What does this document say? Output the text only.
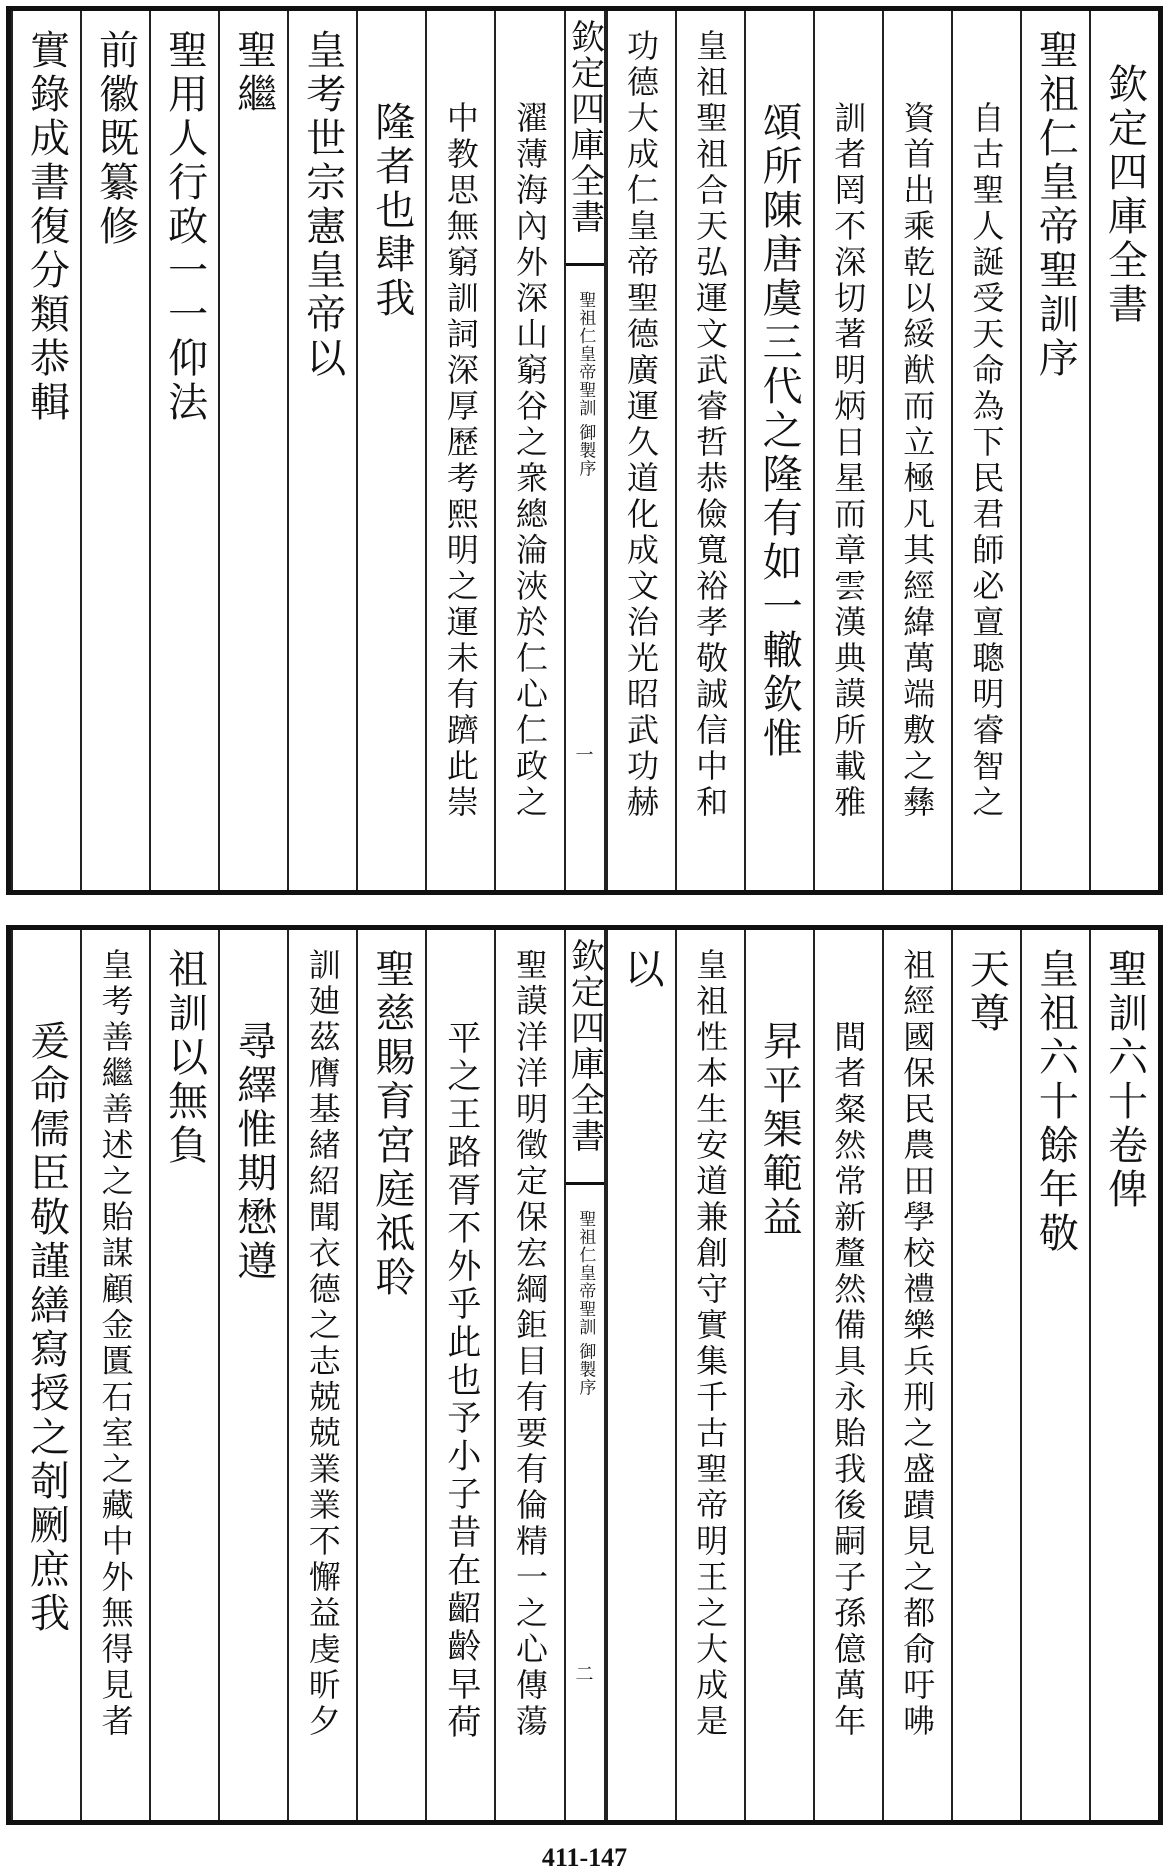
欽定四庫全書
聖祖仁皇帝聖訓序
自古聖人誕受天命為下民君師必亶聰明睿智之
資首出乘乾以綏猷而立極凡其經緯萬端敷之彝
訓者罔不深切著明炳日星而章雲漢典謨所載雅
頌所陳唐虞三代之隆有如一轍欽惟
皇祖聖祖合天弘運文武睿哲恭儉寬裕孝敬誠信中和
功德大成仁皇帝聖德廣運久道化成文治光昭武功赫
欽定四庫全書
聖祖仁皇帝聖訓 御製序
一
濯薄海內外深山窮谷之衆總淪浹於仁心仁政之
中教思無窮訓詞深厚歷考熙明之運未有躋此崇
隆者也肆我
皇考世宗憲皇帝以
聖繼
聖用人行政一一仰法
前徽既纂修
實錄成書復分類恭輯
聖訓六十卷俾
皇祖六十餘年敬
天尊
祖經國保民農田學校禮樂兵刑之盛蹟見之都俞吁咈
間者粲然常新釐然備具永貽我後嗣子孫億萬年
昇平榘範益
皇祖性本生安道兼創守實集千古聖帝明王之大成是
以
欽定四庫全書
聖祖仁皇帝聖訓 御製序
二
聖謨洋洋明徵定保宏綱鉅目有要有倫精一之心傳蕩
平之王路胥不外乎此也予小子昔在齠齡早荷
聖慈賜育宮庭祗聆
訓廸茲膺基緒紹聞衣德之志兢兢業業不懈益虔昕夕
尋繹惟期懋遵
祖訓以無負
皇考善繼善述之貽謀顧金匱石室之藏中外無得見者
爰命儒臣敬謹繕寫授之剞劂庶我
411-147
